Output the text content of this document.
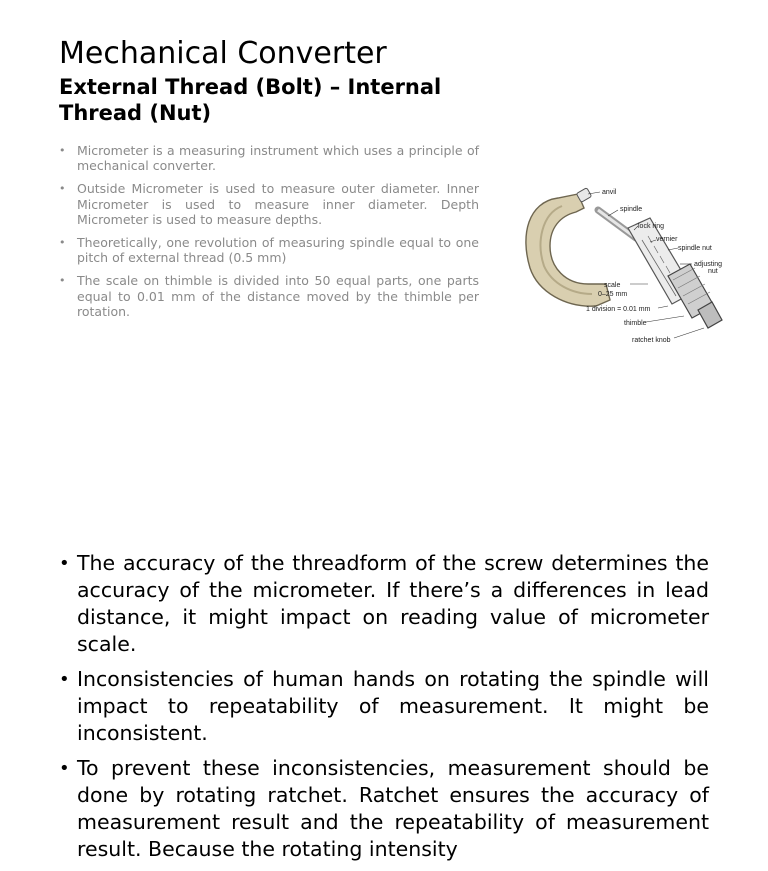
Mechanical Converter
External Thread (Bolt) – Internal Thread (Nut)
• Micrometer is a measuring instrument which uses a principle of mechanical converter.
• Outside Micrometer is used to measure outer diameter. Inner Micrometer is used to measure inner diameter. Depth Micrometer is used to measure depths.
• Theoretically, one revolution of measuring spindle equal to one pitch of external thread (0.5 mm)
• The scale on thimble is divided into 50 equal parts, one parts equal to 0.01 mm of the distance moved by the thimble per rotation.
anvil
spindle
lock ring
vernier
spindle nut
adjusting
nut
scale
0–25 mm
1 division = 0.01 mm
thimble
ratchet knob
• The accuracy of the threadform of the screw determines the accuracy of the micrometer. If there’s a differences in lead distance, it might impact on reading value of micrometer scale.
• Inconsistencies of human hands on rotating the spindle will impact to repeatability of measurement. It might be inconsistent.
• To prevent these inconsistencies, measurement should be done by rotating ratchet. Ratchet ensures the accuracy of measurement result and the repeatability of measurement result. Because the rotating intensity
